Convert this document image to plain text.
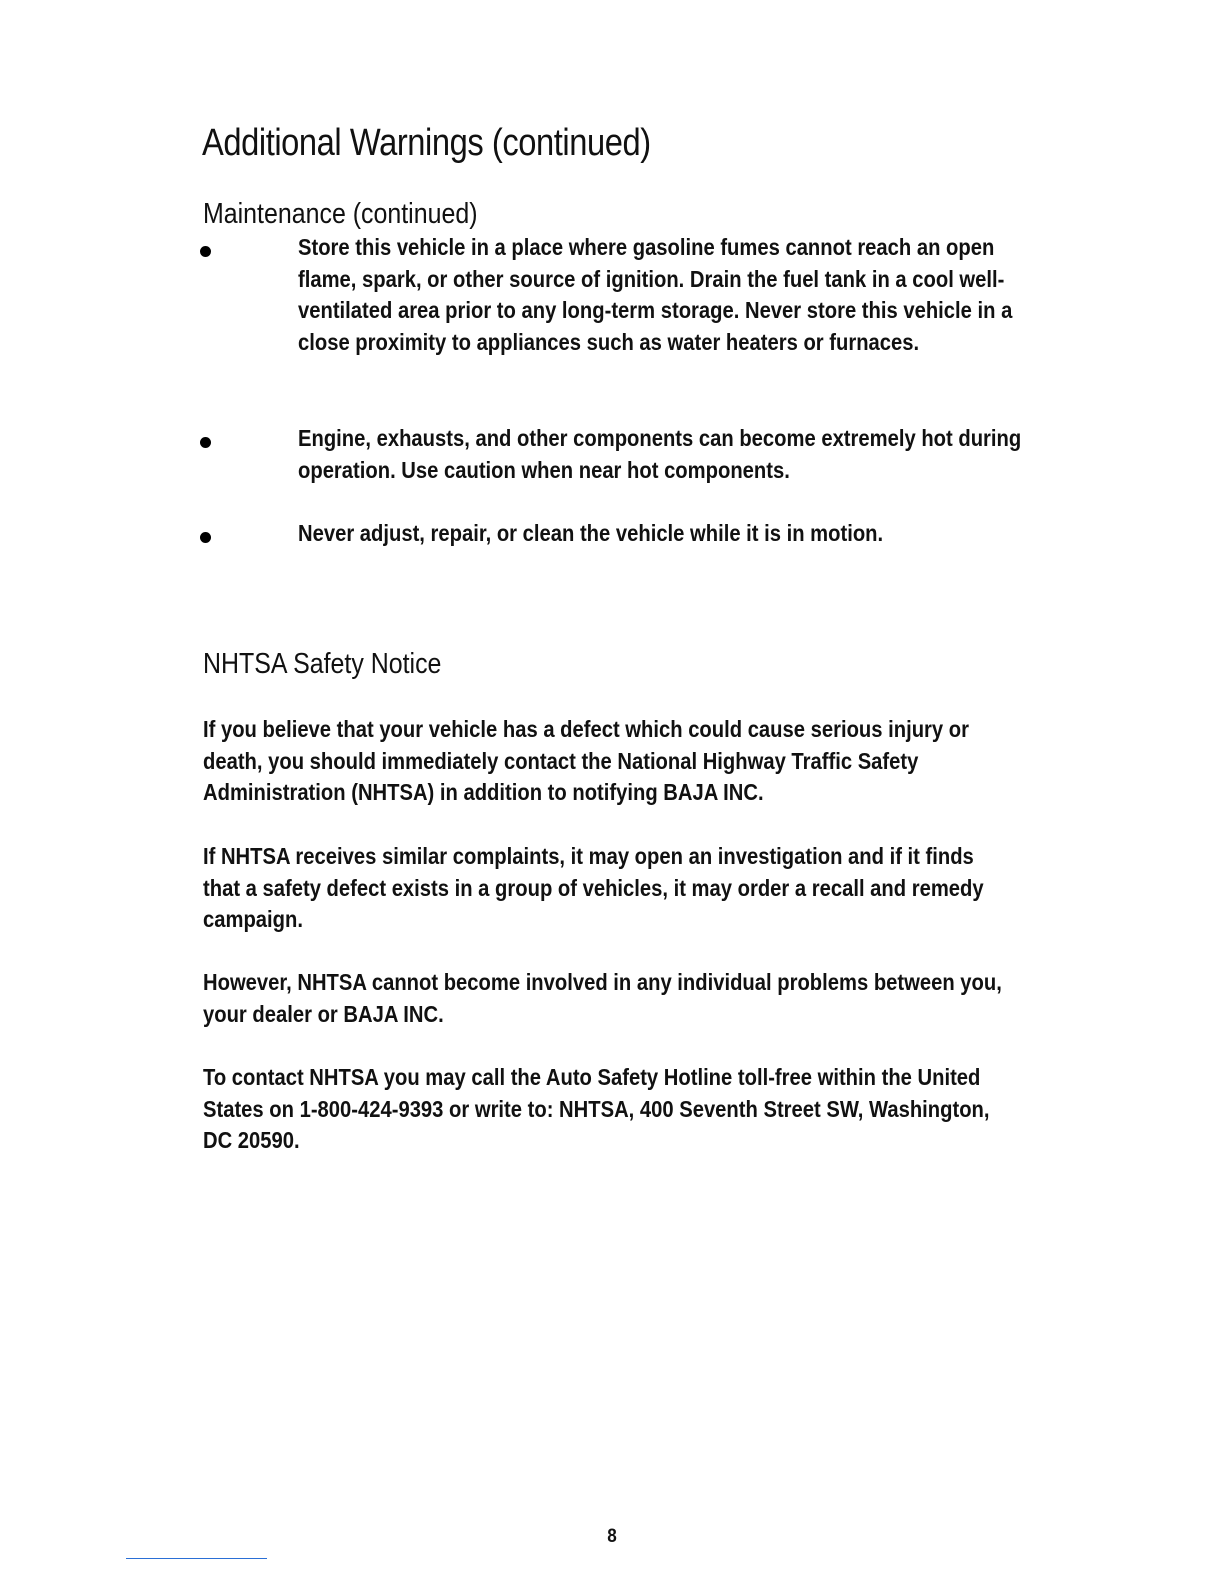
Additional Warnings (continued)
Maintenance (continued)
Store this vehicle in a place where gasoline fumes cannot reach an open flame, spark, or other source of ignition. Drain the fuel tank in a cool well-ventilated area prior to any long-term storage. Never store this vehicle in a close proximity to appliances such as water heaters or furnaces.
Engine, exhausts, and other components can become extremely hot during operation. Use caution when near hot components.
Never adjust, repair, or clean the vehicle while it is in motion.
NHTSA Safety Notice

If you believe that your vehicle has a defect which could cause serious injury or death, you should immediately contact the National Highway Traffic Safety Administration (NHTSA) in addition to notifying BAJA INC.

If NHTSA receives similar complaints, it may open an investigation and if it finds that a safety defect exists in a group of vehicles, it may order a recall and remedy campaign.

However, NHTSA cannot become involved in any individual problems between you, your dealer or BAJA INC.

To contact NHTSA you may call the Auto Safety Hotline toll-free within the United States on 1-800-424-9393 or write to: NHTSA, 400 Seventh Street SW, Washington, DC 20590.

8
